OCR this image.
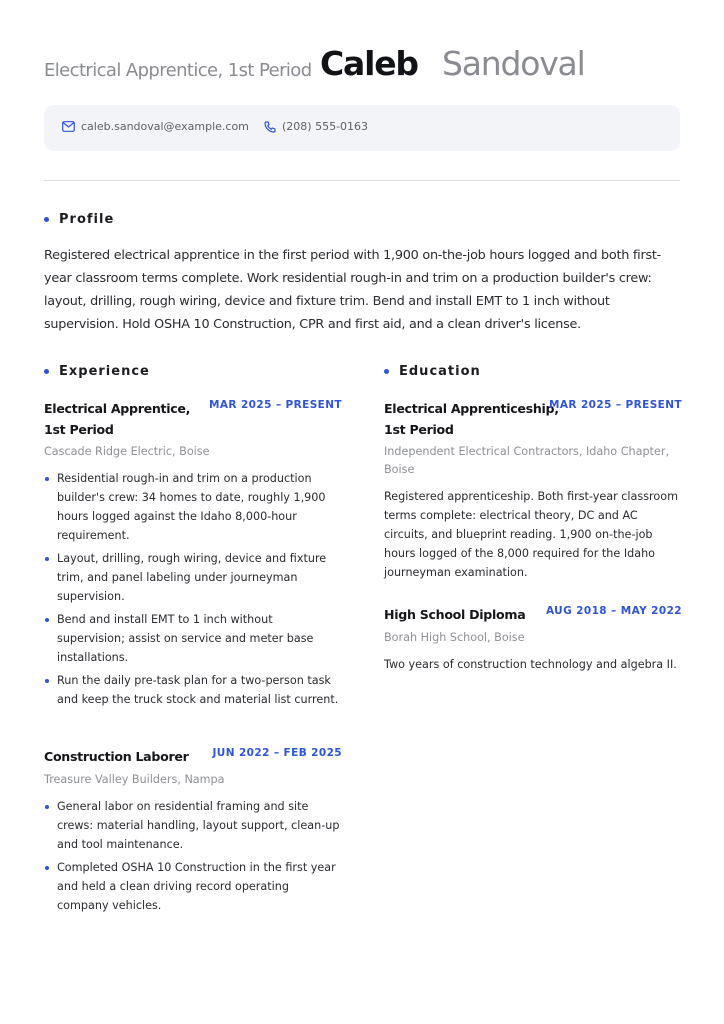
Electrical Apprentice, 1st Period Caleb Sandoval
caleb.sandoval@example.com	(208) 555-0163
Profile
Registered electrical apprentice in the first period with 1,900 on-the-job hours logged and both first-year classroom terms complete. Work residential rough-in and trim on a production builder's crew: layout, drilling, rough wiring, device and fixture trim. Bend and install EMT to 1 inch without supervision. Hold OSHA 10 Construction, CPR and first aid, and a clean driver's license.
Experience
Electrical Apprentice, 1st Period
MAR 2025 – PRESENT
Cascade Ridge Electric, Boise
Residential rough-in and trim on a production builder's crew: 34 homes to date, roughly 1,900 hours logged against the Idaho 8,000-hour requirement.
Layout, drilling, rough wiring, device and fixture trim, and panel labeling under journeyman supervision.
Bend and install EMT to 1 inch without supervision; assist on service and meter base installations.
Run the daily pre-task plan for a two-person task and keep the truck stock and material list current.
Construction Laborer	JUN 2022 – FEB 2025
Treasure Valley Builders, Nampa
General labor on residential framing and site crews: material handling, layout support, clean-up and tool maintenance.
Completed OSHA 10 Construction in the first year and held a clean driving record operating company vehicles.
Education
Electrical Apprenticeship, 1st Period
MAR 2025 – PRESENT
Independent Electrical Contractors, Idaho Chapter, Boise
Registered apprenticeship. Both first-year classroom terms complete: electrical theory, DC and AC circuits, and blueprint reading. 1,900 on-the-job hours logged of the 8,000 required for the Idaho journeyman examination.
High School Diploma	AUG 2018 – MAY 2022
Borah High School, Boise
Two years of construction technology and algebra II.
